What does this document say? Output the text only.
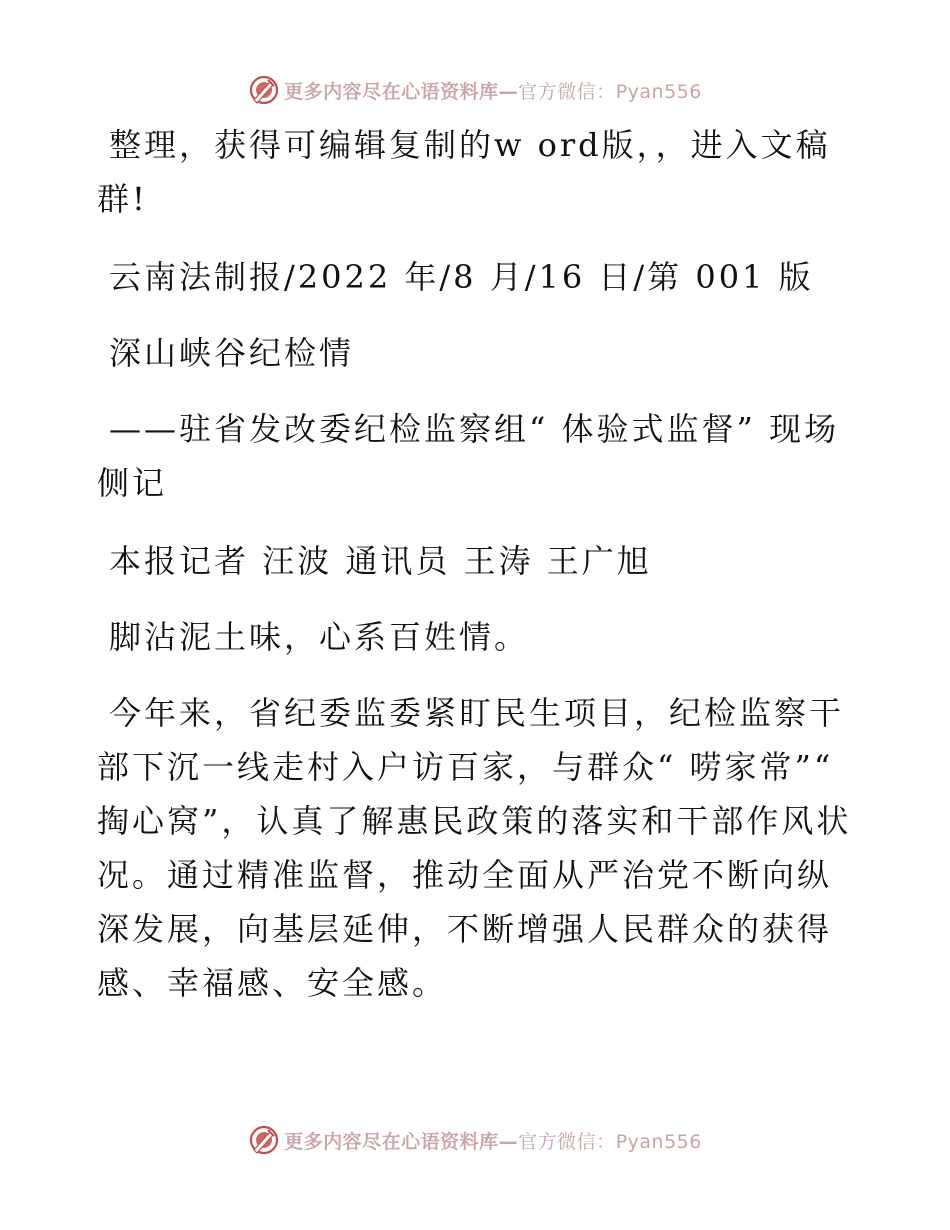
更多内容尽在心语资料库—官方微信：Pyan556

整理，获得可编辑复制的w ord版，，进入文稿群!

云南法制报/2022 年/8 月/16 日/第 001 版

深山峡谷纪检情

——驻省发改委纪检监察组“ 体验式监督” 现场侧记

本报记者 汪波 通讯员 王涛 王广旭

脚沾泥土味，心系百姓情。

今年来，省纪委监委紧盯民生项目，纪检监察干部下沉一线走村入户访百家，与群众“ 唠家常”“ 掏心窝”，认真了解惠民政策的落实和干部作风状况。通过精准监督，推动全面从严治党不断向纵深发展，向基层延伸，不断增强人民群众的获得感、幸福感、安全感。

更多内容尽在心语资料库—官方微信：Pyan556
